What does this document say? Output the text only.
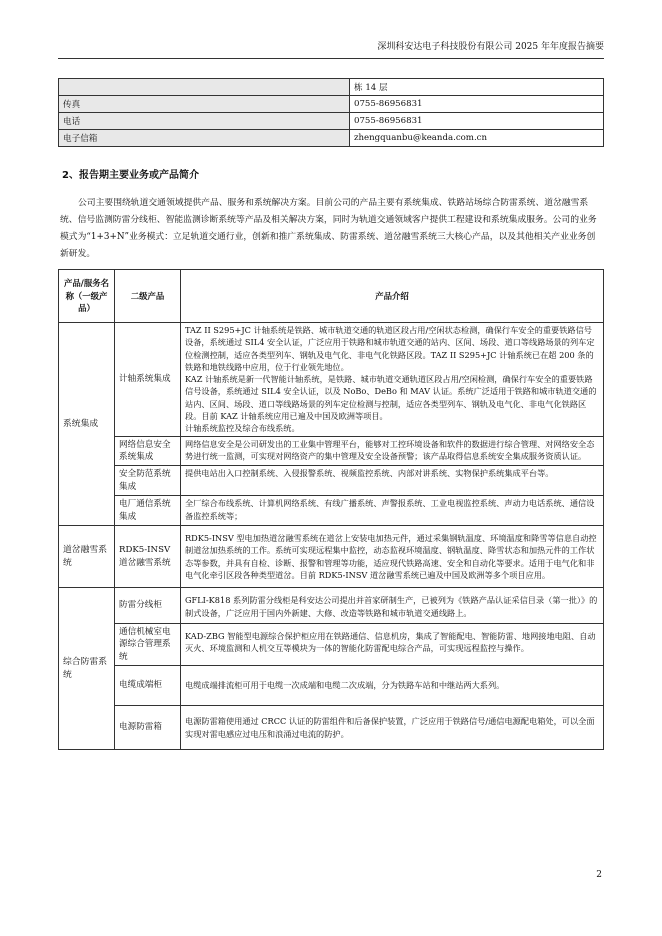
深圳科安达电子科技股份有限公司 2025 年年度报告摘要
	栋 14 层
传真	0755-86956831
电话	0755-86956831
电子信箱	zhengquanbu@keanda.com.cn
2、报告期主要业务或产品简介

公司主要围绕轨道交通领域提供产品、服务和系统解决方案。目前公司的产品主要有系统集成、铁路站场综合防雷系统、道岔融雪系统、信号监测防雷分线柜、智能监测诊断系统等产品及相关解决方案，同时为轨道交通领域客户提供工程建设和系统集成服务。公司的业务模式为“1+3+N”业务模式：立足轨道交通行业，创新和推广系统集成、防雷系统、道岔融雪系统三大核心产品，以及其他相关产业业务创新研发。

产品/服务名称（一级产品）	二级产品	产品介绍
系统集成	计轴系统集成	TAZ II S295+JC 计轴系统是铁路、城市轨道交通的轨道区段占用/空闲状态检测，确保行车安全的重要铁路信号设备，系统通过 SIL4 安全认证，广泛应用于铁路和城市轨道交通的站内、区间、场段、道口等线路场景的列车定位检测控制，适应各类型列车、钢轨及电气化、非电气化铁路区段。TAZ II S295+JC 计轴系统已在超 200 条的铁路和地铁线路中应用，位于行业领先地位。
KAZ 计轴系统是新一代智能计轴系统，是铁路、城市轨道交通轨道区段占用/空闲检测，确保行车安全的重要铁路信号设备，系统通过 SIL4 安全认证，以及 NoBo、DeBo 和 MAV 认证。系统广泛适用于铁路和城市轨道交通的站内、区间、场段、道口等线路场景的列车定位检测与控制，适应各类型列车、钢轨及电气化、非电气化铁路区段。目前 KAZ 计轴系统应用已遍及中国及欧洲等项目。
计轴系统监控及综合布线系统。

	网络信息安全系统集成	网络信息安全是公司研发出的工业集中管理平台，能够对工控环境设备和软件的数据进行综合管理、对网络安全态势进行统一监测，可实现对网络资产的集中管理及安全设备预警；该产品取得信息系统安全集成服务资质认证。

	安全防范系统集成	提供电站出入口控制系统、入侵报警系统、视频监控系统、内部对讲系统、实物保护系统集成平台等。

	电厂通信系统集成	全厂综合布线系统、计算机网络系统、有线广播系统、声警报系统、工业电视监控系统、声动力电话系统、通信设备监控系统等；

道岔融雪系统	RDK5-INSV 道岔融雪系统	RDK5-INSV 型电加热道岔融雪系统在道岔上安装电加热元件，通过采集钢轨温度、环境温度和降雪等信息自动控制道岔加热系统的工作。系统可实现远程集中监控，动态监视环境温度、钢轨温度、降雪状态和加热元件的工作状态等参数，并具有自检、诊断、报警和管理等功能，适应现代铁路高速、安全和自动化等要求。适用于电气化和非电气化牵引区段各种类型道岔。目前 RDK5-INSV 道岔融雪系统已遍及中国及欧洲等多个项目应用。

综合防雷系统	防雷分线柜	GFLI-K818 系列防雷分线柜是科安达公司提出并首家研制生产，已被列为《铁路产品认证采信目录（第一批）》的制式设备，广泛应用于国内外新建、大修、改造等铁路和城市轨道交通线路上。

	通信机械室电源综合管理系统	KAD-ZBG 智能型电源综合保护柜应用在铁路通信、信息机房，集成了智能配电、智能防雷、地网接地电阻、自动灭火、环境监测和人机交互等模块为一体的智能化防雷配电综合产品，可实现远程监控与操作。

	电缆成端柜	电缆成端排流柜可用于电缆一次成端和电缆二次成端，分为铁路车站和中继站两大系列。

	电源防雷箱	电源防雷箱使用通过 CRCC 认证的防雷组件和后备保护装置，广泛应用于铁路信号/通信电源配电箱处，可以全面实现对雷电感应过电压和浪涌过电流的防护。
2
